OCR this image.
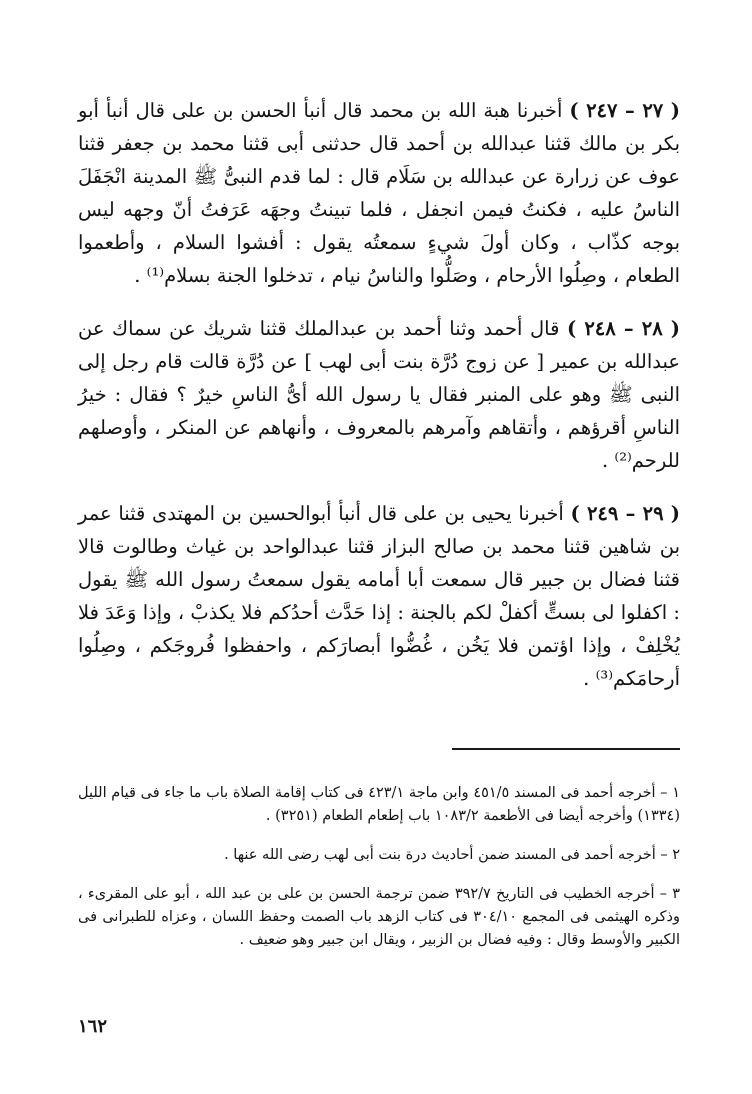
( ٢٧ – ٢٤٧ ) أخبرنا هبة الله بن محمد قال أنبأ الحسن بن على قال أنبأ أبو بكر بن مالك قثنا عبدالله بن أحمد قال حدثنى أبى قثنا محمد بن جعفر قثنا عوف عن زرارة عن عبدالله بن سَلَام قال : لما قدم النبىُّ ﷺ المدينة انْجَفَلَ الناسُ عليه ، فكنتُ فيمن انجفل ، فلما تبينتُ وجهَه عَرَفتُ أنّ وجهه ليس بوجه كذّاب ، وكان أولَ شيءٍ سمعتُه يقول : أفشوا السلام ، وأطعموا الطعام ، وصِلُوا الأرحام ، وصَلُّوا والناسُ نيام ، تدخلوا الجنة بسلام⁽¹⁾ .

( ٢٨ – ٢٤٨ ) قال أحمد وثنا أحمد بن عبدالملك قثنا شريك عن سماك عن عبدالله بن عمير [ عن زوج دُرَّة بنت أبى لهب ] عن دُرَّة قالت قام رجل إلى النبى ﷺ وهو على المنبر فقال يا رسول الله أىُّ الناسِ خيرٌ ؟ فقال : خيرُ الناسِ أقرؤهم ، وأتقاهم وآمرهم بالمعروف ، وأنهاهم عن المنكر ، وأوصلهم للرحم⁽²⁾ .

( ٢٩ – ٢٤٩ ) أخبرنا يحيى بن على قال أنبأ أبوالحسين بن المهتدى قثنا عمر بن شاهين قثنا محمد بن صالح البزاز قثنا عبدالواحد بن غياث وطالوت قالا قثنا فضال بن جبير قال سمعت أبا أمامه يقول سمعتُ رسول الله ﷺ يقول : اكفلوا لى بستٍّ أكفلْ لكم بالجنة : إذا حَدَّث أحدُكم فلا يكذبْ ، وإذا وَعَدَ فلا يُخْلِفْ ، وإذا اؤتمن فلا يَخُن ، غُضُّوا أبصارَكم ، واحفظوا فُروجَكم ، وصِلُوا أرحامَكم⁽³⁾ .

١ – أخرجه أحمد فى المسند ٤٥١/٥ وابن ماجة ٤٢٣/١ فى كتاب إقامة الصلاة باب ما جاء فى قيام الليل (١٣٣٤) وأخرجه أيضا فى الأطعمة ١٠٨٣/٢ باب إطعام الطعام (٣٢٥١) .

٢ – أخرجه أحمد فى المسند ضمن أحاديث درة بنت أبى لهب رضى الله عنها .

٣ – أخرجه الخطيب فى التاريخ ٣٩٢/٧ ضمن ترجمة الحسن بن على بن عبد الله ، أبو على المقرىء ، وذكره الهيثمى فى المجمع ٣٠٤/١٠ فى كتاب الزهد باب الصمت وحفظ اللسان ، وعزاه للطبرانى فى الكبير والأوسط وقال : وفيه فضال بن الزبير ، ويقال ابن جبير وهو ضعيف .

١٦٢
